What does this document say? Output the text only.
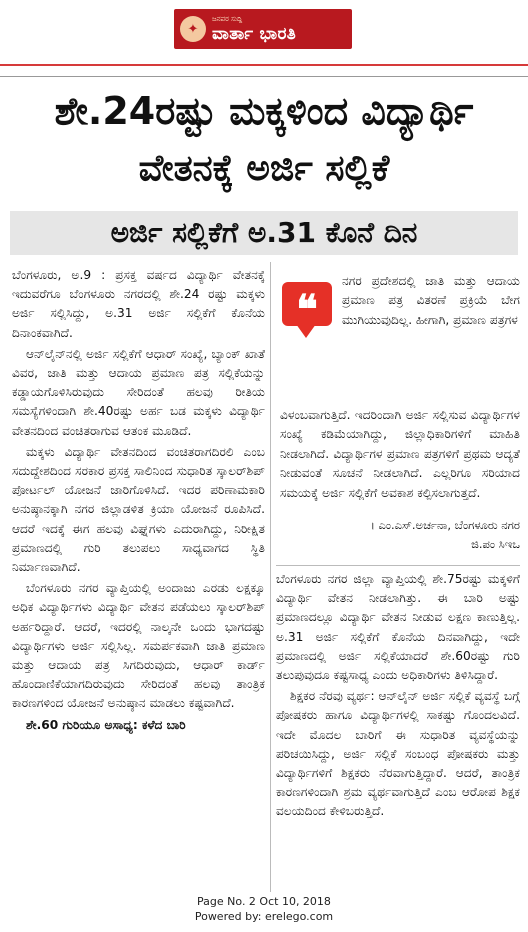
✦
ಜನಪರ ಸುದ್ದಿ
ವಾರ್ತಾ ಭಾರತಿ
ಶೇ.24ರಷ್ಟು ಮಕ್ಕಳಿಂದ ವಿದ್ಯಾರ್ಥಿ
ವೇತನಕ್ಕೆ ಅರ್ಜಿ ಸಲ್ಲಿಕೆ
ಅರ್ಜಿ ಸಲ್ಲಿಕೆಗೆ ಅ.31 ಕೊನೆ ದಿನ

ಬೆಂಗಳೂರು, ಅ.9 : ಪ್ರಸಕ್ತ ವರ್ಷದ ವಿದ್ಯಾರ್ಥಿ ವೇತನಕ್ಕೆ ಇದುವರೆಗೂ ಬೆಂಗಳೂರು ನಗರದಲ್ಲಿ ಶೇ.24 ರಷ್ಟು ಮಕ್ಕಳು ಅರ್ಜಿ ಸಲ್ಲಿಸಿದ್ದು, ಅ.31 ಅರ್ಜಿ ಸಲ್ಲಿಕೆಗೆ ಕೊನೆಯ ದಿನಾಂಕವಾಗಿದೆ.

ಆನ್‌ಲೈನ್‌ನಲ್ಲಿ ಅರ್ಜಿ ಸಲ್ಲಿಕೆಗೆ ಆಧಾರ್ ಸಂಖ್ಯೆ, ಬ್ಯಾಂಕ್ ಖಾತೆ ವಿವರ, ಜಾತಿ ಮತ್ತು ಆದಾಯ ಪ್ರಮಾಣ ಪತ್ರ ಸಲ್ಲಿಕೆಯನ್ನು ಕಡ್ಡಾಯಗೊಳಿಸಿರುವುದು ಸೇರಿದಂತೆ ಹಲವು ರೀತಿಯ ಸಮಸ್ಯೆಗಳಿಂದಾಗಿ ಶೇ.40ರಷ್ಟು ಅರ್ಹ ಬಡ ಮಕ್ಕಳು ವಿದ್ಯಾರ್ಥಿ ವೇತನದಿಂದ ವಂಚಿತರಾಗುವ ಆತಂಕ ಮೂಡಿದೆ.

ಮಕ್ಕಳು ವಿದ್ಯಾರ್ಥಿ ವೇತನದಿಂದ ವಂಚಿತರಾಗದಿರಲಿ ಎಂಬ ಸದುದ್ದೇಶದಿಂದ ಸರಕಾರ ಪ್ರಸಕ್ತ ಸಾಲಿನಿಂದ ಸುಧಾರಿತ ಸ್ಕಾಲರ್‌ಶಿಪ್ ಪೋರ್ಟಲ್ ಯೋಜನೆ ಜಾರಿಗೊಳಿಸಿದೆ. ಇದರ ಪರಿಣಾಮಕಾರಿ ಅನುಷ್ಠಾನಕ್ಕಾಗಿ ನಗರ ಜಿಲ್ಲಾಡಳಿತ ಕ್ರಿಯಾ ಯೋಜನೆ ರೂಪಿಸಿದೆ. ಆದರೆ ಇದಕ್ಕೆ ಈಗ ಹಲವು ವಿಘ್ನಗಳು ಎದುರಾಗಿದ್ದು, ನಿರೀಕ್ಷಿತ ಪ್ರಮಾಣದಲ್ಲಿ ಗುರಿ ತಲುಪಲು ಸಾಧ್ಯವಾಗದ ಸ್ಥಿತಿ ನಿರ್ಮಾಣವಾಗಿದೆ.

ಬೆಂಗಳೂರು ನಗರ ವ್ಯಾಪ್ತಿಯಲ್ಲಿ ಅಂದಾಜು ಎರಡು ಲಕ್ಷಕ್ಕೂ ಅಧಿಕ ವಿದ್ಯಾರ್ಥಿಗಳು ವಿದ್ಯಾರ್ಥಿ ವೇತನ ಪಡೆಯಲು ಸ್ಕಾಲರ್‌ಶಿಪ್ ಅರ್ಹರಿದ್ದಾರೆ. ಆದರೆ, ಇದರಲ್ಲಿ ನಾಲ್ಕನೇ ಒಂದು ಭಾಗದಷ್ಟು ವಿದ್ಯಾರ್ಥಿಗಳು ಅರ್ಜಿ ಸಲ್ಲಿಸಿಲ್ಲ. ಸಮರ್ಪಕವಾಗಿ ಜಾತಿ ಪ್ರಮಾಣ ಮತ್ತು ಆದಾಯ ಪತ್ರ ಸಿಗದಿರುವುದು, ಆಧಾರ್ ಕಾರ್ಡ್ ಹೊಂದಾಣಿಕೆಯಾಗದಿರುವುದು ಸೇರಿದಂತೆ ಹಲವು ತಾಂತ್ರಿಕ ಕಾರಣಗಳಿಂದ ಯೋಜನೆ ಅನುಷ್ಠಾನ ಮಾಡಲು ಕಷ್ಟವಾಗಿದೆ.

ಶೇ.60 ಗುರಿಯೂ ಅಸಾಧ್ಯ: ಕಳೆದ ಬಾರಿ

❝
ನಗರ ಪ್ರದೇಶದಲ್ಲಿ ಜಾತಿ ಮತ್ತು ಆದಾಯ ಪ್ರಮಾಣ ಪತ್ರ ವಿತರಣೆ ಪ್ರಕ್ರಿಯೆ ಬೇಗ ಮುಗಿಯುವುದಿಲ್ಲ. ಹೀಗಾಗಿ, ಪ್ರಮಾಣ ಪತ್ರಗಳ
ವಿಳಂಬವಾಗುತ್ತಿದೆ. ಇದರಿಂದಾಗಿ ಅರ್ಜಿ ಸಲ್ಲಿಸುವ ವಿದ್ಯಾರ್ಥಿಗಳ ಸಂಖ್ಯೆ ಕಡಿಮೆಯಾಗಿದ್ದು, ಜಿಲ್ಲಾಧಿಕಾರಿಗಳಿಗೆ ಮಾಹಿತಿ ನೀಡಲಾಗಿದೆ. ವಿದ್ಯಾರ್ಥಿಗಳ ಪ್ರಮಾಣ ಪತ್ರಗಳಿಗೆ ಪ್ರಥಮ ಆದ್ಯತೆ ನೀಡುವಂತೆ ಸೂಚನೆ ನೀಡಲಾಗಿದೆ. ಎಲ್ಲರಿಗೂ ಸರಿಯಾದ ಸಮಯಕ್ಕೆ ಅರ್ಜಿ ಸಲ್ಲಿಕೆಗೆ ಅವಕಾಶ ಕಲ್ಪಿಸಲಾಗುತ್ತದೆ.
। ಎಂ.ಎಸ್.ಅರ್ಚನಾ, ಬೆಂಗಳೂರು ನಗರ
ಜಿ.ಪಂ ಸಿಇಒ

ಬೆಂಗಳೂರು ನಗರ ಜಿಲ್ಲಾ ವ್ಯಾಪ್ತಿಯಲ್ಲಿ ಶೇ.75ರಷ್ಟು ಮಕ್ಕಳಿಗೆ ವಿದ್ಯಾರ್ಥಿ ವೇತನ ನೀಡಲಾಗಿತ್ತು. ಈ ಬಾರಿ ಅಷ್ಟು ಪ್ರಮಾಣದಲ್ಲೂ ವಿದ್ಯಾರ್ಥಿ ವೇತನ ನೀಡುವ ಲಕ್ಷಣ ಕಾಣುತ್ತಿಲ್ಲ. ಅ.31 ಅರ್ಜಿ ಸಲ್ಲಿಕೆಗೆ ಕೊನೆಯ ದಿನವಾಗಿದ್ದು, ಇದೇ ಪ್ರಮಾಣದಲ್ಲಿ ಅರ್ಜಿ ಸಲ್ಲಿಕೆಯಾದರೆ ಶೇ.60ರಷ್ಟು ಗುರಿ ತಲುಪುವುದೂ ಕಷ್ಟಸಾಧ್ಯ ಎಂದು ಅಧಿಕಾರಿಗಳು ತಿಳಿಸಿದ್ದಾರೆ.

ಶಿಕ್ಷಕರ ನೆರವು ವ್ಯರ್ಥ: ಆನ್‌ಲೈನ್ ಅರ್ಜಿ ಸಲ್ಲಿಕೆ ವ್ಯವಸ್ಥೆ ಬಗ್ಗೆ ಪೋಷಕರು ಹಾಗೂ ವಿದ್ಯಾರ್ಥಿಗಳಲ್ಲಿ ಸಾಕಷ್ಟು ಗೊಂದಲವಿದೆ. ಇದೇ ಮೊದಲ ಬಾರಿಗೆ ಈ ಸುಧಾರಿತ ವ್ಯವಸ್ಥೆಯನ್ನು ಪರಿಚಯಿಸಿದ್ದು, ಅರ್ಜಿ ಸಲ್ಲಿಕೆ ಸಂಬಂಧ ಪೋಷಕರು ಮತ್ತು ವಿದ್ಯಾರ್ಥಿಗಳಿಗೆ ಶಿಕ್ಷಕರು ನೆರವಾಗುತ್ತಿದ್ದಾರೆ. ಆದರೆ, ತಾಂತ್ರಿಕ ಕಾರಣಗಳಿಂದಾಗಿ ಶ್ರಮ ವ್ಯರ್ಥವಾಗುತ್ತಿದೆ ಎಂಬ ಆರೋಪ ಶಿಕ್ಷಕ ವಲಯದಿಂದ ಕೇಳಿಬರುತ್ತಿದೆ.

Page No. 2 Oct 10, 2018
Powered by: erelego.com
